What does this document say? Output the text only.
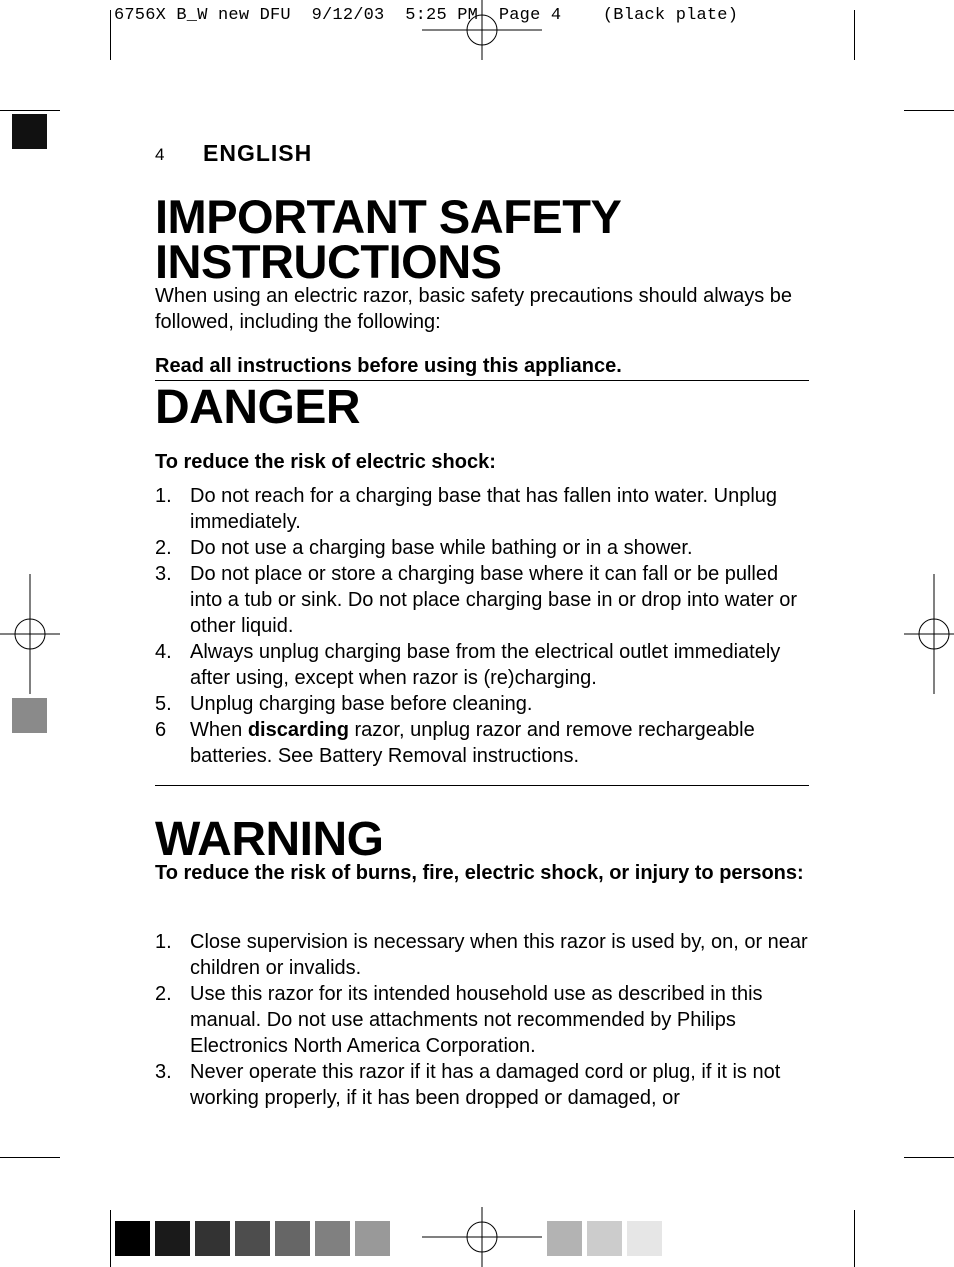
6756X B_W new DFU  9/12/03  5:25 PM  Page 4    (Black plate)
4 ENGLISH
IMPORTANT SAFETY
INSTRUCTIONS
When using an electric razor, basic safety precautions should always be followed, including the following:
Read all instructions before using this appliance.
DANGER
To reduce the risk of electric shock:
1. Do not reach for a charging base that has fallen into water. Unplug immediately.
2. Do not use a charging base while bathing or in a shower.
3. Do not place or store a charging base where it can fall or be pulled into a tub or sink. Do not place charging base in or drop into water or other liquid.
4. Always unplug charging base from the electrical outlet immediately after using, except when razor is (re)charging.
5. Unplug charging base before cleaning.
6 When discarding razor, unplug razor and remove rechargeable batteries. See Battery Removal instructions.
WARNING
To reduce the risk of burns, fire, electric shock, or injury to persons:
1. Close supervision is necessary when this razor is used by, on, or near children or invalids.
2. Use this razor for its intended household use as described in this manual. Do not use attachments not recommended by Philips Electronics North America Corporation.
3. Never operate this razor if it has a damaged cord or plug, if it is not working properly, if it has been dropped or damaged, or
